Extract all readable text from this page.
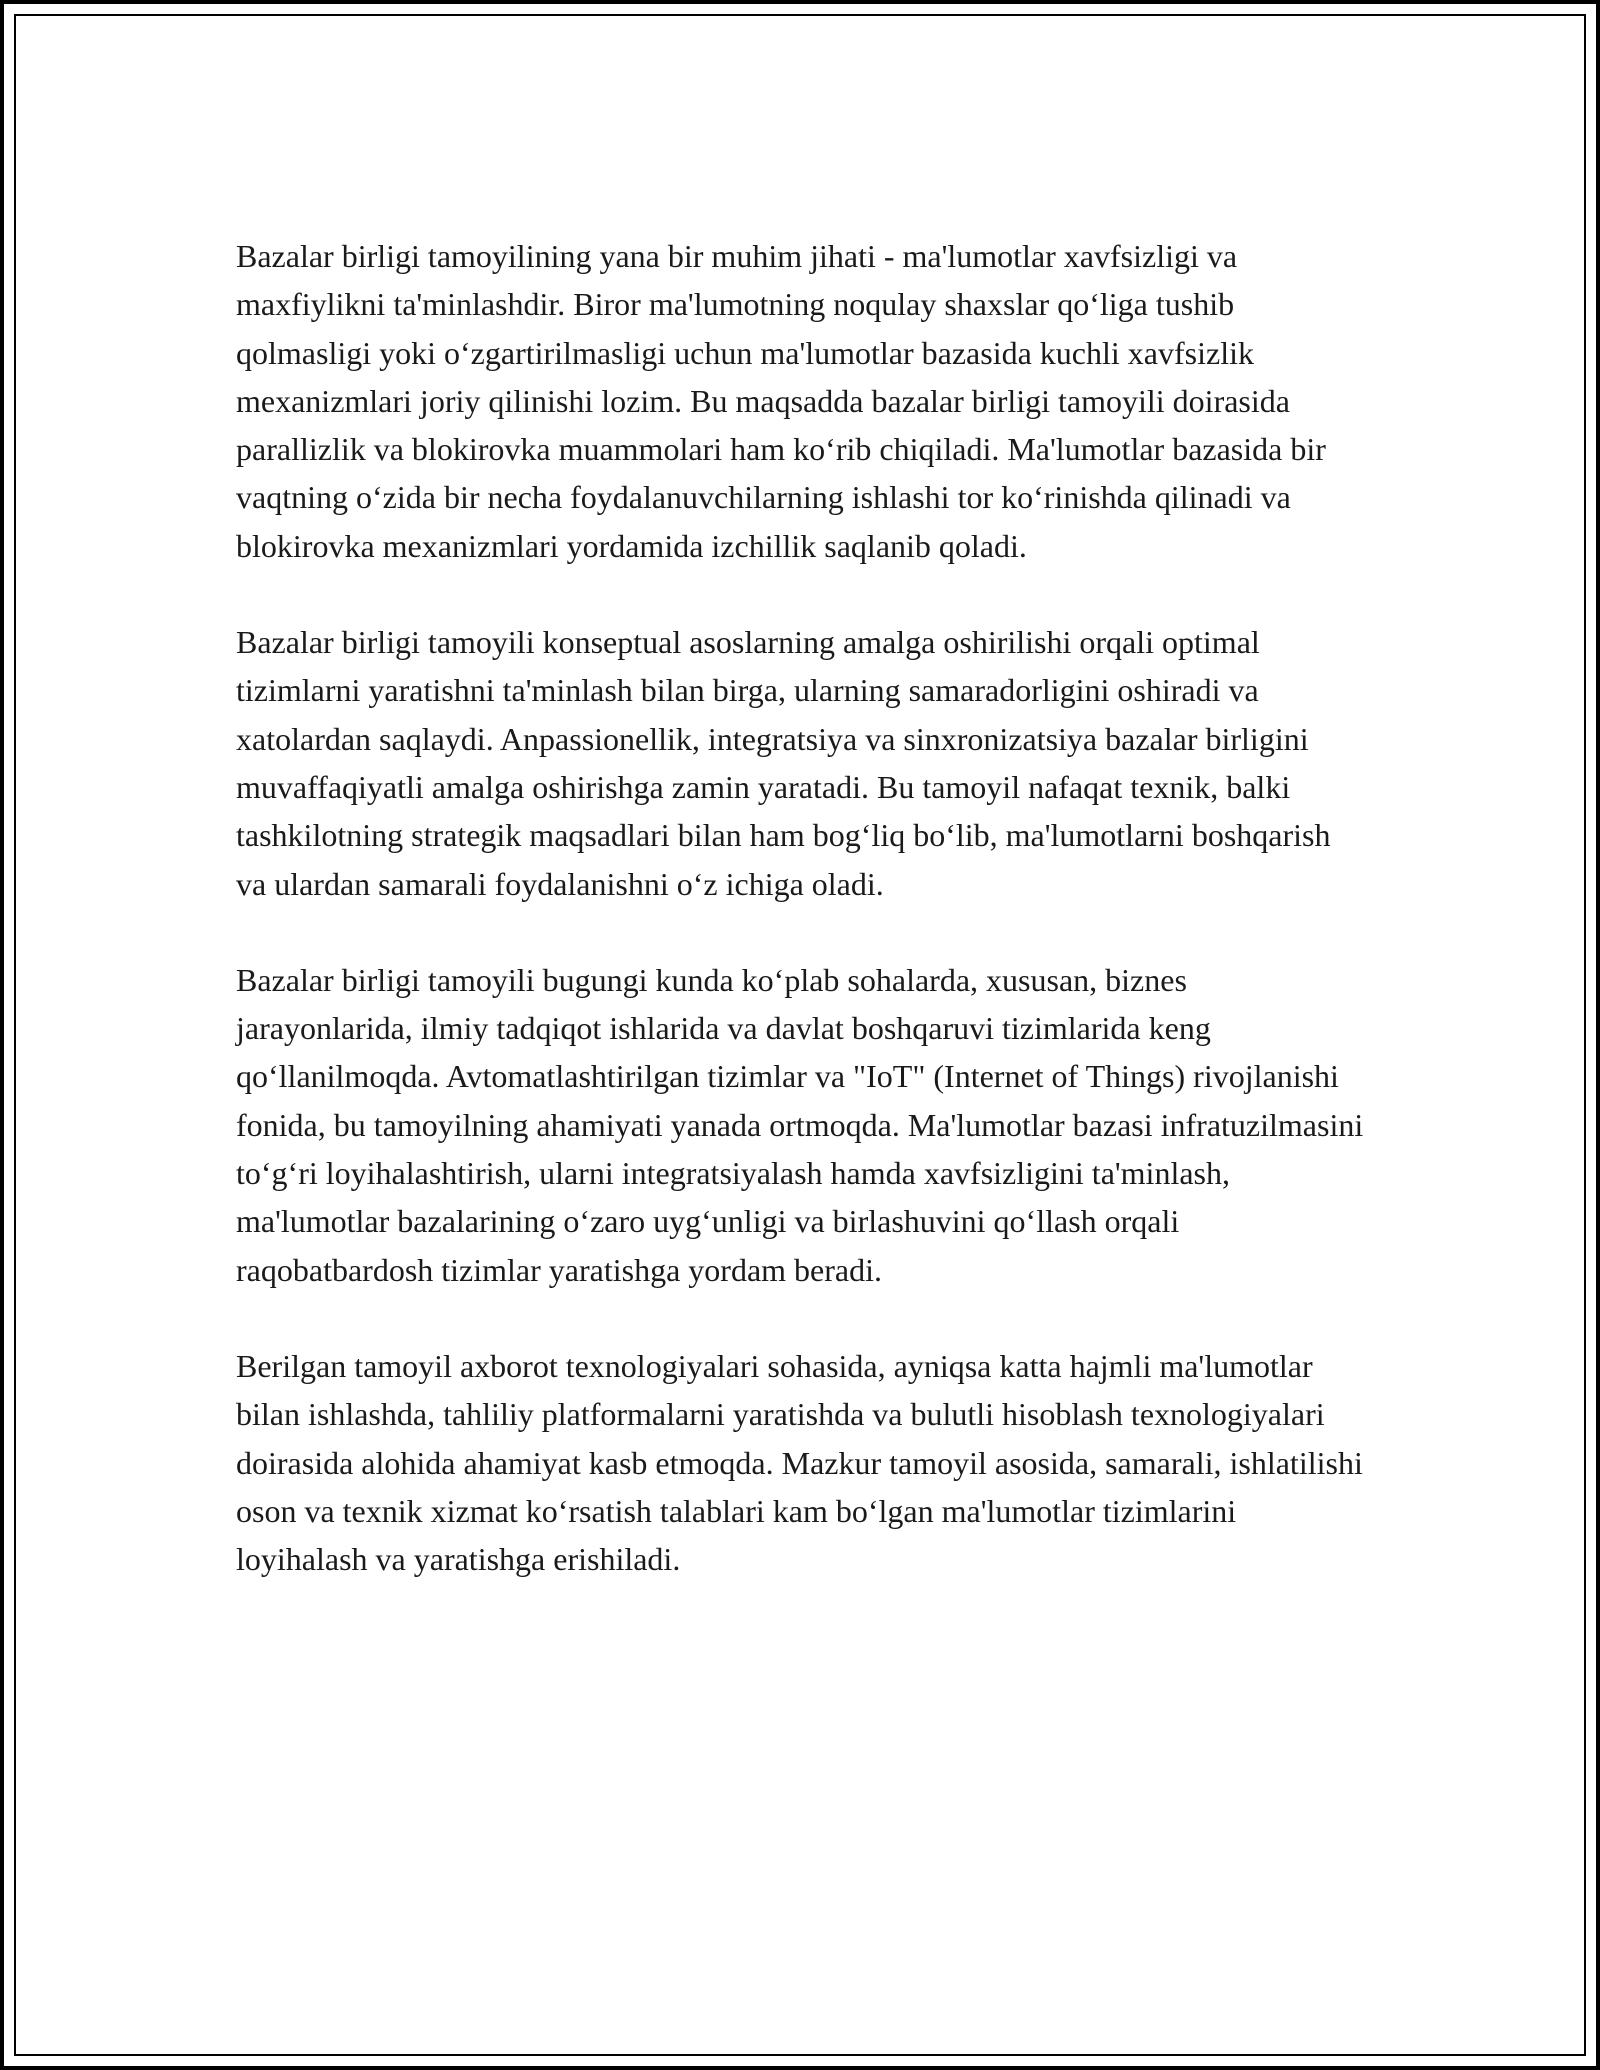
Bazalar birligi tamoyilining yana bir muhim jihati - ma'lumotlar xavfsizligi va maxfiylikni ta'minlashdir. Biror ma'lumotning noqulay shaxslar qo‘liga tushib qolmasligi yoki o‘zgartirilmasligi uchun ma'lumotlar bazasida kuchli xavfsizlik mexanizmlari joriy qilinishi lozim. Bu maqsadda bazalar birligi tamoyili doirasida parallizlik va blokirovka muammolari ham ko‘rib chiqiladi. Ma'lumotlar bazasida bir vaqtning o‘zida bir necha foydalanuvchilarning ishlashi tor ko‘rinishda qilinadi va blokirovka mexanizmlari yordamida izchillik saqlanib qoladi.

Bazalar birligi tamoyili konseptual asoslarning amalga oshirilishi orqali optimal tizimlarni yaratishni ta'minlash bilan birga, ularning samaradorligini oshiradi va xatolardan saqlaydi. Anpassionellik, integratsiya va sinxronizatsiya bazalar birligini muvaffaqiyatli amalga oshirishga zamin yaratadi. Bu tamoyil nafaqat texnik, balki tashkilotning strategik maqsadlari bilan ham bog‘liq bo‘lib, ma'lumotlarni boshqarish va ulardan samarali foydalanishni o‘z ichiga oladi.

Bazalar birligi tamoyili bugungi kunda ko‘plab sohalarda, xususan, biznes jarayonlarida, ilmiy tadqiqot ishlarida va davlat boshqaruvi tizimlarida keng qo‘llanilmoqda. Avtomatlashtirilgan tizimlar va "IoT" (Internet of Things) rivojlanishi fonida, bu tamoyilning ahamiyati yanada ortmoqda. Ma'lumotlar bazasi infratuzilmasini to‘g‘ri loyihalashtirish, ularni integratsiyalash hamda xavfsizligini ta'minlash, ma'lumotlar bazalarining o‘zaro uyg‘unligi va birlashuvini qo‘llash orqali raqobatbardosh tizimlar yaratishga yordam beradi.

Berilgan tamoyil axborot texnologiyalari sohasida, ayniqsa katta hajmli ma'lumotlar bilan ishlashda, tahliliy platformalarni yaratishda va bulutli hisoblash texnologiyalari doirasida alohida ahamiyat kasb etmoqda. Mazkur tamoyil asosida, samarali, ishlatilishi oson va texnik xizmat ko‘rsatish talablari kam bo‘lgan ma'lumotlar tizimlarini loyihalash va yaratishga erishiladi.
